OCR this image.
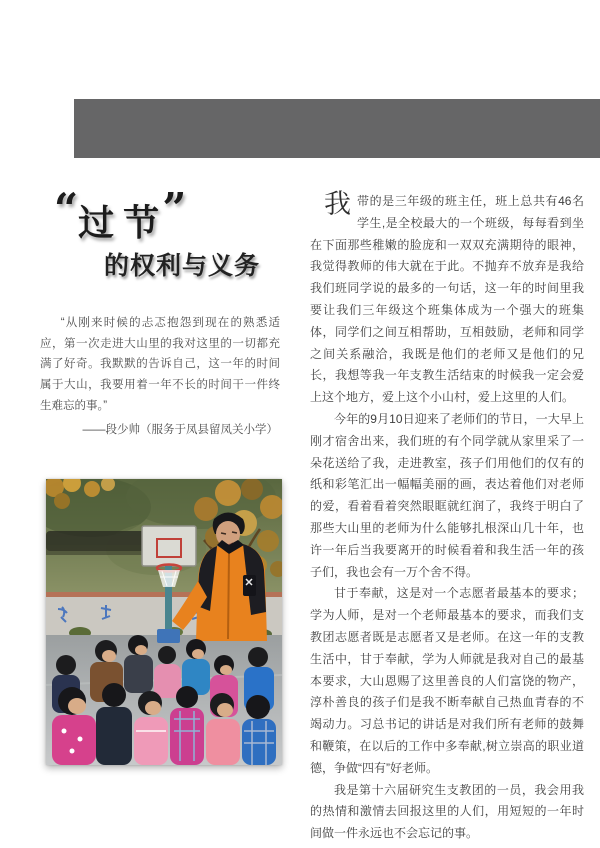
“过节”
的权利与义务
“从刚来时候的忐忑抱怨到现在的熟悉适应，第一次走进大山里的我对这里的一切都充满了好奇。我默默的告诉自己，这一年的时间属于大山，我要用着一年不长的时间干一件终生难忘的事。”
——段少帅（服务于凤县留凤关小学）

我带的是三年级的班主任，班上总共有46名学生,是全校最大的一个班级，每每看到坐在下面那些稚嫩的脸庞和一双双充满期待的眼神，我觉得教师的伟大就在于此。不抛弃不放弃是我给我们班同学说的最多的一句话，这一年的时间里我要让我们三年级这个班集体成为一个强大的班集体，同学们之间互相帮助，互相鼓励，老师和同学之间关系融洽，我既是他们的老师又是他们的兄长，我想等我一年支教生活结束的时候我一定会爱上这个地方，爱上这个小山村，爱上这里的人们。

今年的9月10日迎来了老师们的节日，一大早上刚才宿舍出来，我们班的有个同学就从家里采了一朵花送给了我，走进教室，孩子们用他们的仅有的纸和彩笔汇出一幅幅美丽的画，表达着他们对老师的爱，看着看着突然眼眶就红润了，我终于明白了那些大山里的老师为什么能够扎根深山几十年，也许一年后当我要离开的时候看着和我生活一年的孩子们，我也会有一万个舍不得。

甘于奉献，这是对一个志愿者最基本的要求；学为人师，是对一个老师最基本的要求，而我们支教团志愿者既是志愿者又是老师。在这一年的支教生活中，甘于奉献，学为人师就是我对自己的最基本要求，大山恩赐了这里善良的人们富饶的物产，淳朴善良的孩子们是我不断奉献自己热血青春的不竭动力。习总书记的讲话是对我们所有老师的鼓舞和鞭策，在以后的工作中多奉献,树立崇高的职业道德，争做“四有”好老师。

我是第十六届研究生支教团的一员，我会用我的热情和激情去回报这里的人们，用短短的一年时间做一件永远也不会忘记的事。
